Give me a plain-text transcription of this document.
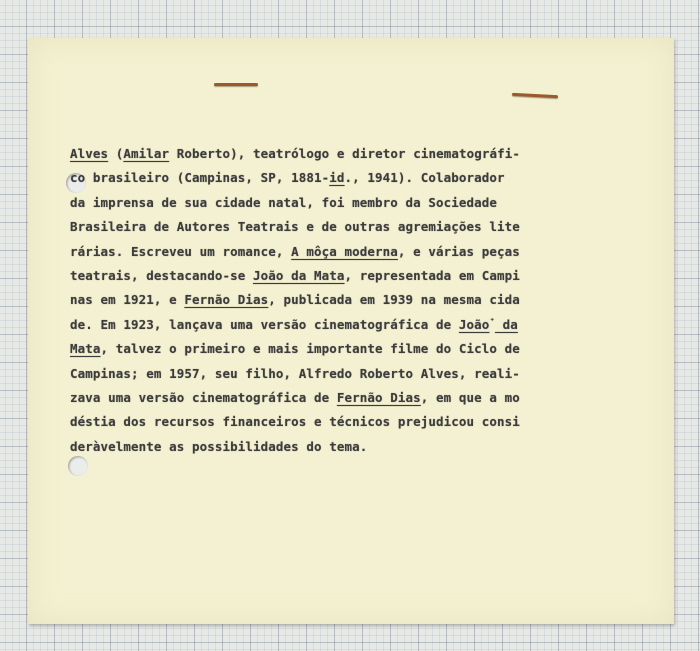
Alves (Amilar Roberto), teatrólogo e diretor cinematográfi-
co brasileiro (Campinas, SP, 1881-id., 1941). Colaborador
da imprensa de sua cidade natal, foi membro da Sociedade
Brasileira de Autores Teatrais e de outras agremiações lite
rárias. Escreveu um romance, A môça moderna, e várias peças
teatrais, destacando-se João da Mata, representada em Campi
nas em 1921, e Fernão Dias, publicada em 1939 na mesma cida
de. Em 1923, lançava uma versão cinematográfica de João⁺ da
Mata, talvez o primeiro e mais importante filme do Ciclo de
Campinas; em 1957, seu filho, Alfredo Roberto Alves, reali-
zava uma versão cinematográfica de Fernão Dias, em que a mo
déstia dos recursos financeiros e técnicos prejudicou consi
deràvelmente as possibilidades do tema.
